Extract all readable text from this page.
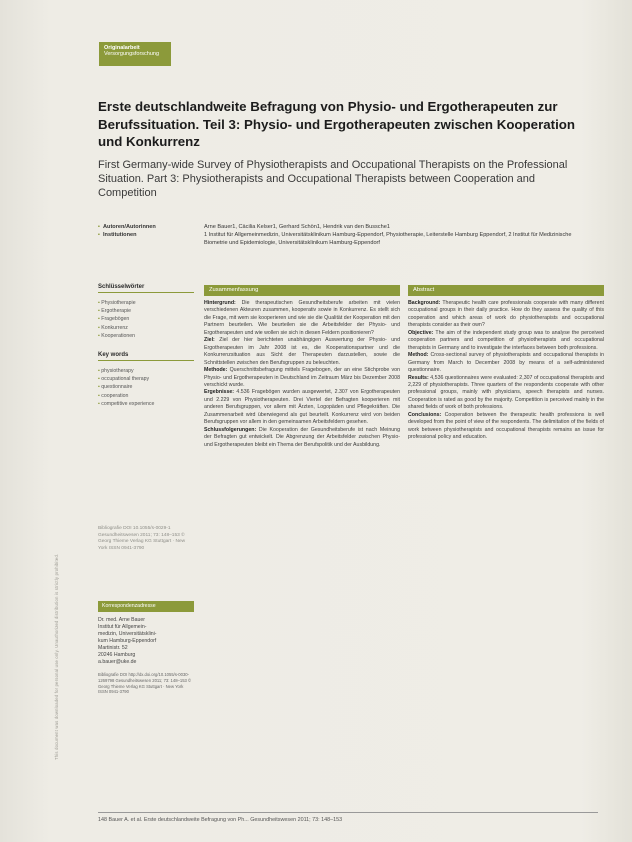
This document was downloaded for personal use only. Unauthorized distribution is strictly prohibited.
Originalarbeit
Versorgungsforschung
Erste deutschlandweite Befragung von Physio- und Ergotherapeuten zur Berufssituation. Teil 3: Physio- und Ergotherapeuten zwischen Kooperation und Konkurrenz
First Germany-wide Survey of Physiotherapists and Occupational Therapists on the Professional Situation. Part 3: Physiotherapists and Occupational Therapists between Cooperation and Competition
▪ Autoren/Autorinnen	Arne Bauer1, Cäcilia Kelser1, Gerhard Schön1, Hendrik van den Bussche1
▪ Institutionen	1 Institut für Allgemeinmedizin, Universitätsklinikum Hamburg-Eppendorf, Physiotherapie, Leiterstelle Hamburg Eppendorf, 2 Institut für Medizinische Biometrie und Epidemiologie, Universitätsklinikum Hamburg-Eppendorf
Schlüsselwörter
▪ Physiotherapie
▪ Ergotherapie
▪ Fragebögen
▪ Konkurrenz
▪ Kooperationen
Key words
▪ physiotherapy
▪ occupational therapy
▪ questionnaire
▪ cooperation
▪ competitive experience
Bibliografie DOI 10.1055/s-0029-1 Gesundheitswesen 2011; 73: 148–153 © Georg Thieme Verlag KG Stuttgart · New York ISSN 0941-3790
Korrespondenzadresse
Dr. med. Arne Bauer
Institut für Allgemein-
medizin, Universitätsklini-
kum Hamburg-Eppendorf
Martinistr. 52
20246 Hamburg
a.bauer@uke.de
Bibliografie DOI http://dx.doi.org/10.1055/s-0030-1269798 Gesundheitswesen 2011; 73: 148–153 © Georg Thieme Verlag KG Stuttgart · New York ISSN 0941-3790
Zusammenfassung

Hintergrund: Die therapeutischen Gesundheitsberufe arbeiten mit vielen verschiedenen Akteuren zusammen, kooperativ sowie in Konkurrenz. Es stellt sich die Frage, mit wem sie kooperieren und wie sie die Qualität der Kooperation mit den Partnern beurteilen. Wie beurteilen sie die Arbeitsfelder der Physio- und Ergotherapeuten und wie wollen sie sich in diesen Feldern positionieren?

Ziel: Ziel der hier berichteten unabhängigen Auswertung der Physio- und Ergotherapeuten im Jahr 2008 ist es, die Kooperationspartner und die Konkurrenzsituation aus Sicht der Therapeuten darzustellen, sowie die Schnittstellen zwischen den Berufsgruppen zu beleuchten.

Methode: Querschnittsbefragung mittels Fragebogen, der an eine Stichprobe von Physio- und Ergotherapeuten in Deutschland im Zeitraum März bis Dezember 2008 verschickt wurde.

Ergebnisse: 4.536 Fragebögen wurden ausgewertet, 2.307 von Ergotherapeuten und 2.229 von Physiotherapeuten. Drei Viertel der Befragten kooperieren mit anderen Berufsgruppen, vor allem mit Ärzten, Logopäden und Pflegekräften. Die Zusammenarbeit wird überwiegend als gut beurteilt. Konkurrenz wird von beiden Berufsgruppen vor allem in den gemeinsamen Arbeitsfeldern gesehen.

Schlussfolgerungen: Die Kooperation der Gesundheitsberufe ist nach Meinung der Befragten gut entwickelt. Die Abgrenzung der Arbeitsfelder zwischen Physio- und Ergotherapeuten bleibt ein Thema der Berufspolitik und der Ausbildung.

Abstract

Background: Therapeutic health care professionals cooperate with many different occupational groups in their daily practice. How do they assess the quality of this cooperation and which areas of work do physiotherapists and occupational therapists consider as their own?

Objective: The aim of the independent study group was to analyse the perceived cooperation partners and competition of physiotherapists and occupational therapists in Germany and to investigate the interfaces between both professions.

Method: Cross-sectional survey of physiotherapists and occupational therapists in Germany from March to December 2008 by means of a self-administered questionnaire.

Results: 4,536 questionnaires were evaluated: 2,307 of occupational therapists and 2,229 of physiotherapists. Three quarters of the respondents cooperate with other professional groups, mainly with physicians, speech therapists and nurses. Cooperation is rated as good by the majority. Competition is perceived mainly in the shared fields of work of both professions.

Conclusions: Cooperation between the therapeutic health professions is well developed from the point of view of the respondents. The delimitation of the fields of work between physiotherapists and occupational therapists remains an issue for professional policy and education.

148 Bauer A. et al. Erste deutschlandweite Befragung von Ph... Gesundheitswesen 2011; 73: 148–153
